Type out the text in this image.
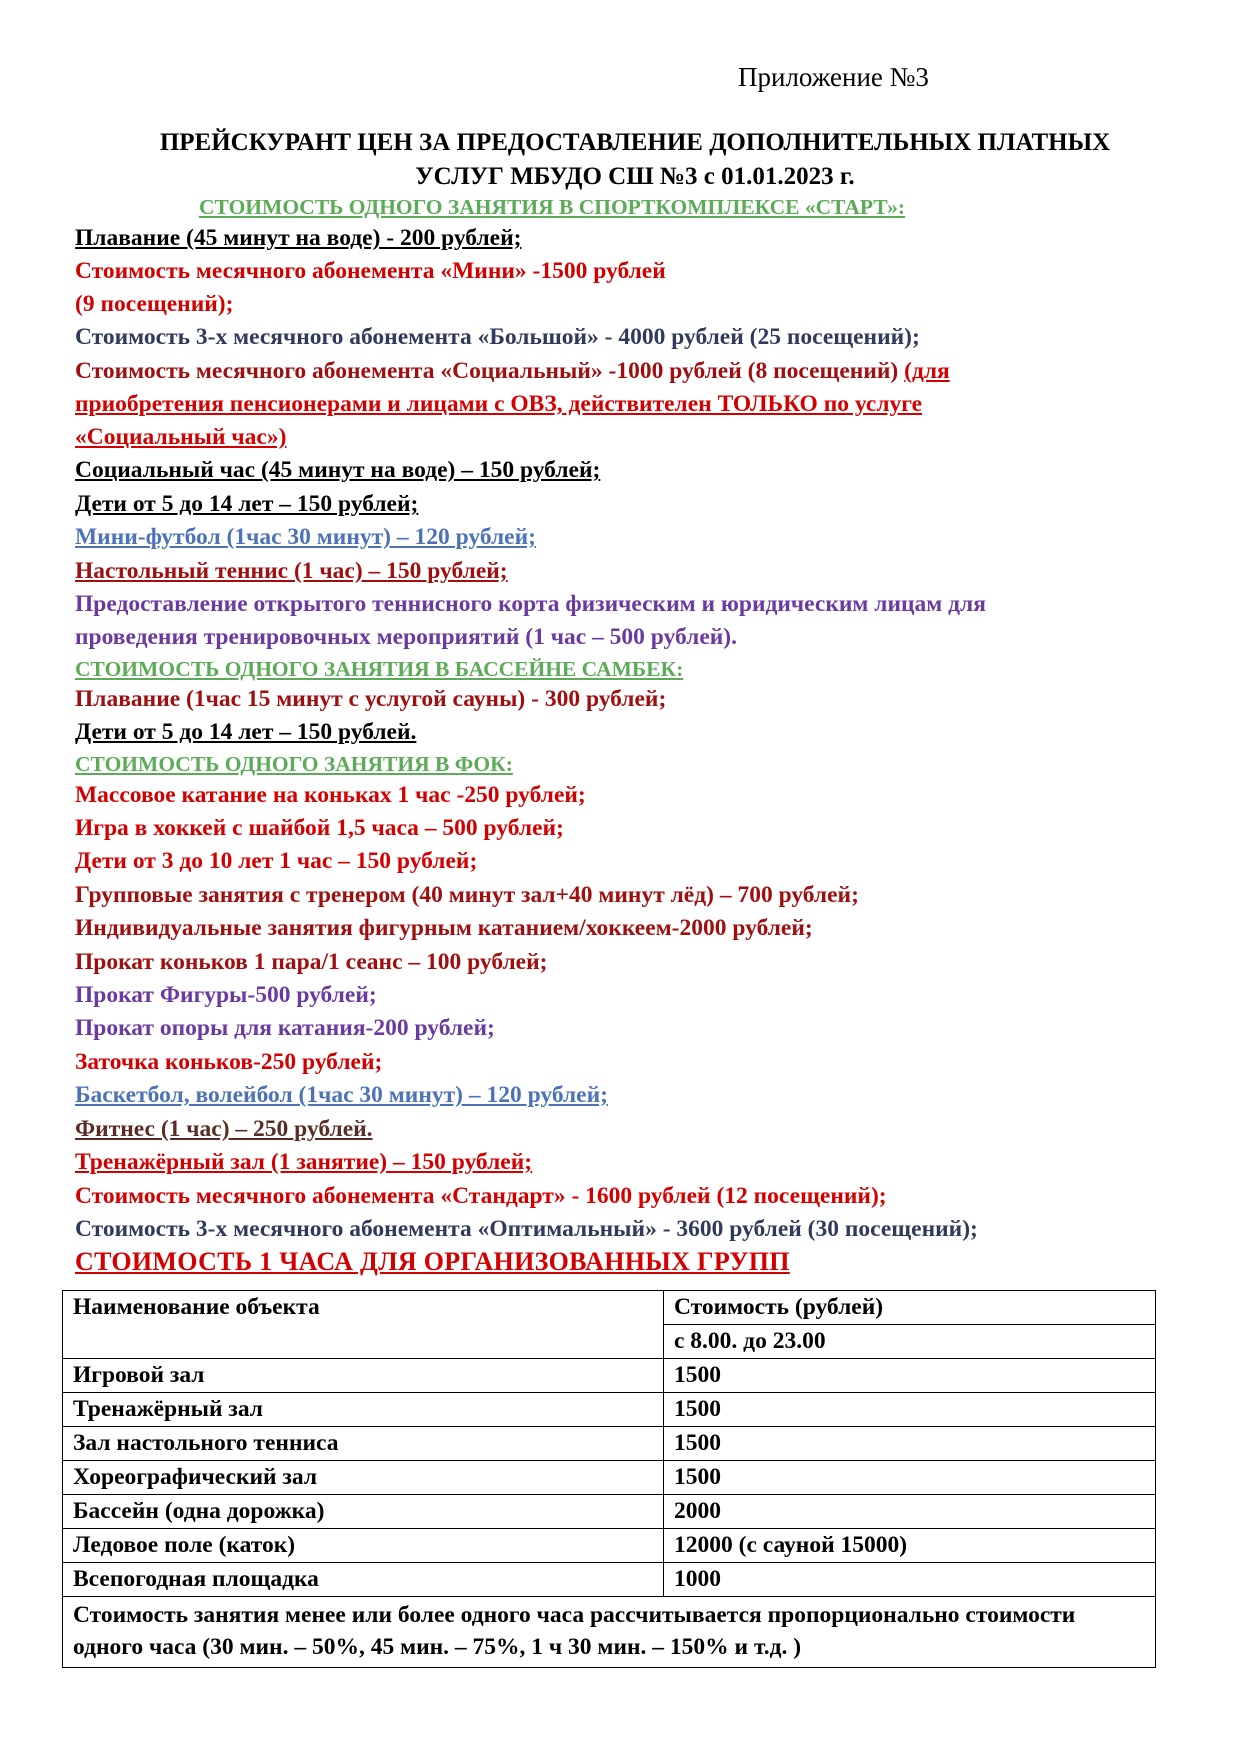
Приложение №3
ПРЕЙСКУРАНТ ЦЕН ЗА ПРЕДОСТАВЛЕНИЕ ДОПОЛНИТЕЛЬНЫХ ПЛАТНЫХ
УСЛУГ МБУДО СШ №3 с 01.01.2023 г.
СТОИМОСТЬ ОДНОГО ЗАНЯТИЯ В СПОРТКОМПЛЕКСЕ «СТАРТ»:
Плавание (45 минут на воде) - 200 рублей;
Стоимость месячного абонемента «Мини» -1500 рублей
(9 посещений);
Стоимость 3-х месячного абонемента «Большой» - 4000 рублей (25 посещений);
Стоимость месячного абонемента «Социальный» -1000 рублей (8 посещений) (для
приобретения пенсионерами и лицами с ОВЗ, действителен ТОЛЬКО по услуге
«Социальный час»)
Социальный час (45 минут на воде) – 150 рублей;
Дети от 5 до 14 лет – 150 рублей;
Мини-футбол (1час 30 минут) – 120 рублей;
Настольный теннис (1 час) – 150 рублей;
Предоставление открытого теннисного корта физическим и юридическим лицам для
проведения тренировочных мероприятий (1 час – 500 рублей).
СТОИМОСТЬ ОДНОГО ЗАНЯТИЯ В БАССЕЙНЕ САМБЕК:
Плавание (1час 15 минут с услугой сауны) - 300 рублей;
Дети от 5 до 14 лет – 150 рублей.
СТОИМОСТЬ ОДНОГО ЗАНЯТИЯ В ФОК:
Массовое катание на коньках 1 час -250 рублей;
Игра в хоккей с шайбой 1,5 часа – 500 рублей;
Дети от 3 до 10 лет 1 час – 150 рублей;
Групповые занятия с тренером (40 минут зал+40 минут лёд) – 700 рублей;
Индивидуальные занятия фигурным катанием/хоккеем-2000 рублей;
Прокат коньков 1 пара/1 сеанс – 100 рублей;
Прокат Фигуры-500 рублей;
Прокат опоры для катания-200 рублей;
Заточка коньков-250 рублей;
Баскетбол, волейбол (1час 30 минут) – 120 рублей;
Фитнес (1 час) – 250 рублей.
Тренажёрный зал (1 занятие) – 150 рублей;
Стоимость месячного абонемента «Стандарт» - 1600 рублей (12 посещений);
Стоимость 3-х месячного абонемента «Оптимальный» - 3600 рублей (30 посещений);
СТОИМОСТЬ 1 ЧАСА ДЛЯ ОРГАНИЗОВАННЫХ ГРУПП
Наименование объекта	Стоимость (рублей)
	с 8.00. до 23.00
Игровой зал	1500
Тренажёрный зал	1500
Зал настольного тенниса	1500
Хореографический зал	1500
Бассейн (одна дорожка)	2000
Ледовое поле (каток)	12000 (с сауной 15000)
Всепогодная площадка	1000
Стоимость занятия менее или более одного часа рассчитывается пропорционально стоимости одного часа (30 мин. – 50%, 45 мин. – 75%, 1 ч 30 мин. – 150% и т.д. )	
